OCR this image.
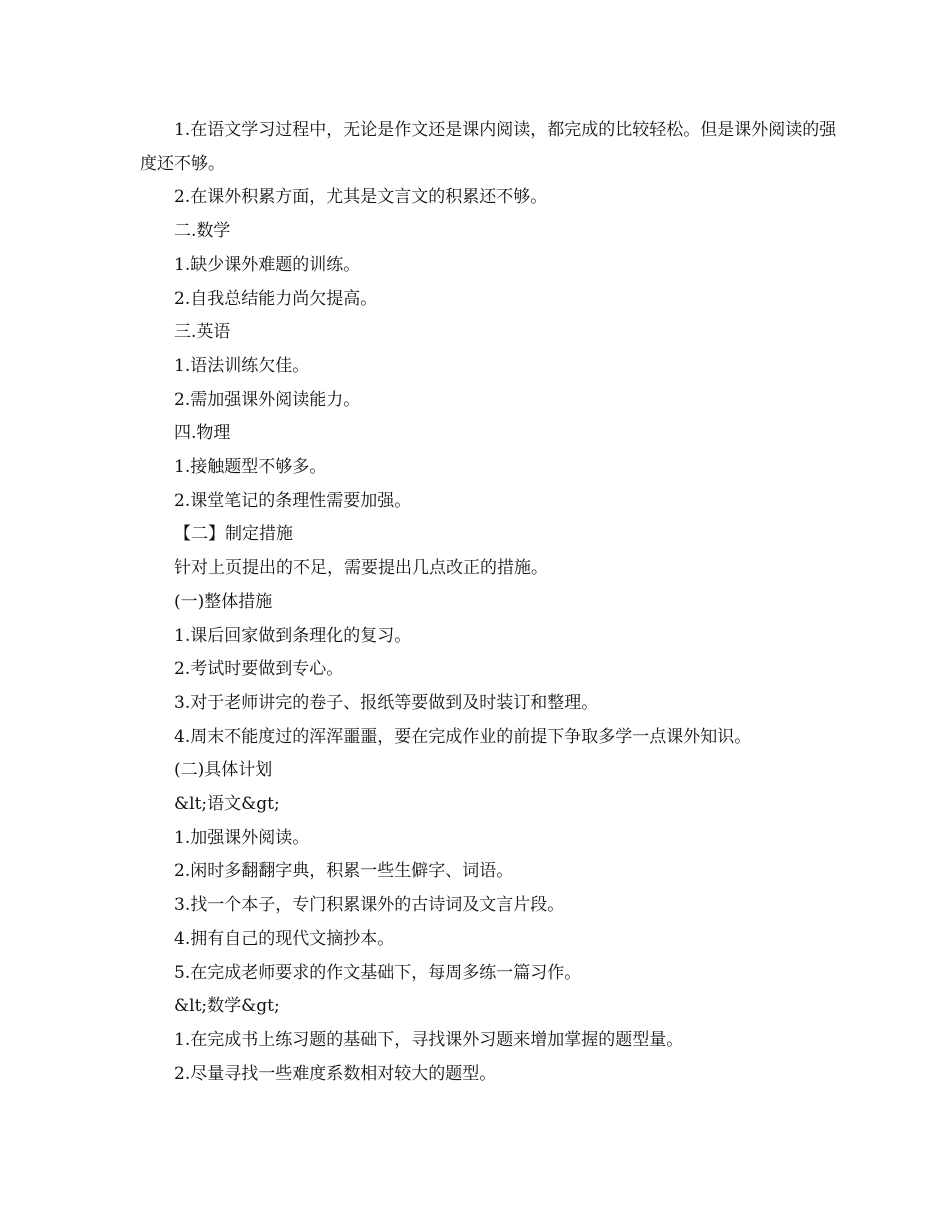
1.在语文学习过程中，无论是作文还是课内阅读，都完成的比较轻松。但是课外阅读的强度还不够。

2.在课外积累方面，尤其是文言文的积累还不够。

二.数学

1.缺少课外难题的训练。

2.自我总结能力尚欠提高。

三.英语

1.语法训练欠佳。

2.需加强课外阅读能力。

四.物理

1.接触题型不够多。

2.课堂笔记的条理性需要加强。

【二】制定措施

针对上页提出的不足，需要提出几点改正的措施。

(一)整体措施

1.课后回家做到条理化的复习。

2.考试时要做到专心。

3.对于老师讲完的卷子、报纸等要做到及时装订和整理。

4.周末不能度过的浑浑噩噩，要在完成作业的前提下争取多学一点课外知识。

(二)具体计划

&lt;语文&gt;

1.加强课外阅读。

2.闲时多翻翻字典，积累一些生僻字、词语。

3.找一个本子，专门积累课外的古诗词及文言片段。

4.拥有自己的现代文摘抄本。

5.在完成老师要求的作文基础下，每周多练一篇习作。

&lt;数学&gt;

1.在完成书上练习题的基础下，寻找课外习题来增加掌握的题型量。

2.尽量寻找一些难度系数相对较大的题型。
